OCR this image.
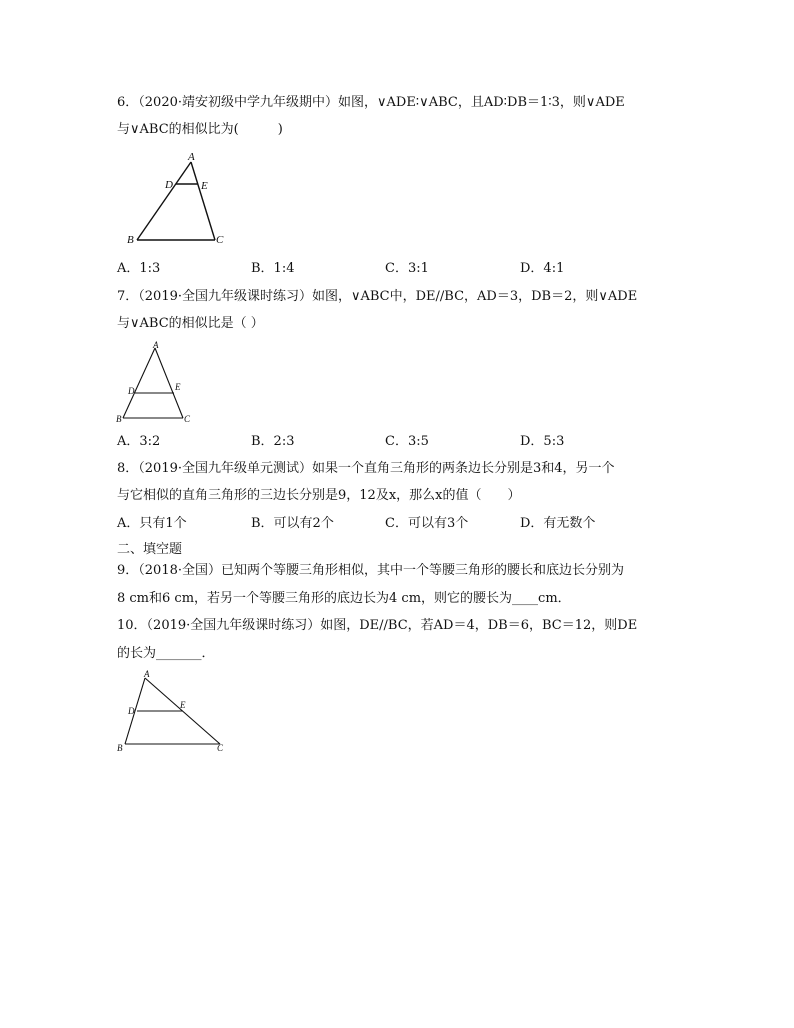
6．（2020·靖安初级中学九年级期中）如图，∨ADE∶∨ABC，且AD∶DB＝1∶3，则∨ADE
与∨ABC的相似比为(　　　)
A
D	E
B	C
A．1:3	B．1:4	C．3:1	D．4:1
7．（2019·全国九年级课时练习）如图，∨ABC中，DE//BC，AD＝3，DB＝2，则∨ADE
与∨ABC的相似比是（ ）
A
D	E
B	C
A．3:2	B．2:3	C．3:5	D．5:3
8．（2019·全国九年级单元测试）如果一个直角三角形的两条边长分别是3和4，另一个
与它相似的直角三角形的三边长分别是9，12及x，那么x的值（　　）
A．只有1个	B．可以有2个	C．可以有3个	D．有无数个
二、填空题
9．（2018·全国）已知两个等腰三角形相似，其中一个等腰三角形的腰长和底边长分别为
8 cm和6 cm，若另一个等腰三角形的底边长为4 cm，则它的腰长为____cm．
10．（2019·全国九年级课时练习）如图，DE//BC，若AD＝4，DB＝6，BC＝12，则DE
的长为_______．
A
D
E
B	C
